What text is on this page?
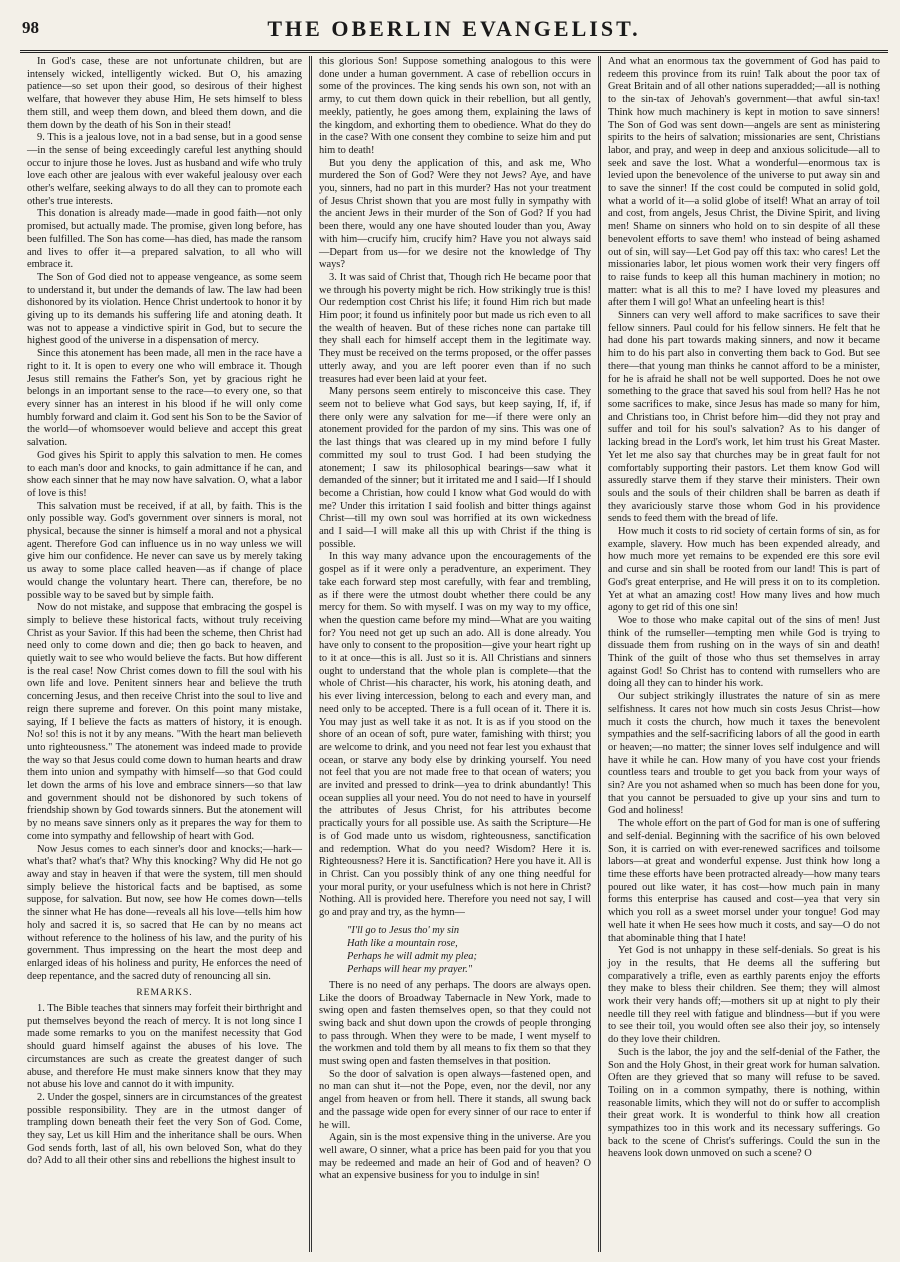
98	THE OBERLIN EVANGELIST.

In God's case, these are not unfortunate children, but are intensely wicked, intelligently wicked. But O, his amazing patience—so set upon their good, so desirous of their highest welfare, that however they abuse Him, He sets himself to bless them still, and weep them down, and bleed them down, and die them down by the death of his Son in their stead!

9. This is a jealous love, not in a bad sense, but in a good sense—in the sense of being exceedingly careful lest anything should occur to injure those he loves. Just as husband and wife who truly love each other are jealous with ever wakeful jealousy over each other's welfare, seeking always to do all they can to promote each other's true interests.

This donation is already made—made in good faith—not only promised, but actually made. The promise, given long before, has been fulfilled. The Son has come—has died, has made the ransom and lives to offer it—a prepared salvation, to all who will embrace it.

The Son of God died not to appease vengeance, as some seem to understand it, but under the demands of law. The law had been dishonored by its violation. Hence Christ undertook to honor it by giving up to its demands his suffering life and atoning death. It was not to appease a vindictive spirit in God, but to secure the highest good of the universe in a dispensation of mercy.

Since this atonement has been made, all men in the race have a right to it. It is open to every one who will embrace it. Though Jesus still remains the Father's Son, yet by gracious right he belongs in an important sense to the race—to every one, so that every sinner has an interest in his blood if he will only come humbly forward and claim it. God sent his Son to be the Savior of the world—of whomsoever would believe and accept this great salvation.

God gives his Spirit to apply this salvation to men. He comes to each man's door and knocks, to gain admittance if he can, and show each sinner that he may now have salvation. O, what a labor of love is this!

This salvation must be received, if at all, by faith. This is the only possible way. God's government over sinners is moral, not physical, because the sinner is himself a moral and not a physical agent. Therefore God can influence us in no way unless we will give him our confidence. He never can save us by merely taking us away to some place called heaven—as if change of place would change the voluntary heart. There can, therefore, be no possible way to be saved but by simple faith.

Now do not mistake, and suppose that embracing the gospel is simply to believe these historical facts, without truly receiving Christ as your Savior. If this had been the scheme, then Christ had need only to come down and die; then go back to heaven, and quietly wait to see who would believe the facts. But how different is the real case! Now Christ comes down to fill the soul with his own life and love. Penitent sinners hear and believe the truth concerning Jesus, and then receive Christ into the soul to live and reign there supreme and forever. On this point many mistake, saying, If I believe the facts as matters of history, it is enough. No! so! this is not it by any means. "With the heart man believeth unto righteousness." The atonement was indeed made to provide the way so that Jesus could come down to human hearts and draw them into union and sympathy with himself—so that God could let down the arms of his love and embrace sinners—so that law and government should not be dishonored by such tokens of friendship shown by God towards sinners. But the atonement will by no means save sinners only as it prepares the way for them to come into sympathy and fellowship of heart with God.

Now Jesus comes to each sinner's door and knocks;—hark—what's that? what's that? Why this knocking? Why did He not go away and stay in heaven if that were the system, till men should simply believe the historical facts and be baptised, as some suppose, for salvation. But now, see how He comes down—tells the sinner what He has done—reveals all his love—tells him how holy and sacred it is, so sacred that He can by no means act without reference to the holiness of his law, and the purity of his government. Thus impressing on the heart the most deep and enlarged ideas of his holiness and purity, He enforces the need of deep repentance, and the sacred duty of renouncing all sin.

REMARKS.

1. The Bible teaches that sinners may forfeit their birthright and put themselves beyond the reach of mercy. It is not long since I made some remarks to you on the manifest necessity that God should guard himself against the abuses of his love. The circumstances are such as create the greatest danger of such abuse, and therefore He must make sinners know that they may not abuse his love and cannot do it with impunity.

2. Under the gospel, sinners are in circumstances of the greatest possible responsibility. They are in the utmost danger of trampling down beneath their feet the very Son of God. Come, they say, Let us kill Him and the inheritance shall be ours. When God sends forth, last of all, his own beloved Son, what do they do? Add to all their other sins and rebellions the highest insult to

this glorious Son! Suppose something analogous to this were done under a human government. A case of rebellion occurs in some of the provinces. The king sends his own son, not with an army, to cut them down quick in their rebellion, but all gently, meekly, patiently, he goes among them, explaining the laws of the kingdom, and exhorting them to obedience. What do they do in the case? With one consent they combine to seize him and put him to death!

But you deny the application of this, and ask me, Who murdered the Son of God? Were they not Jews? Aye, and have you, sinners, had no part in this murder? Has not your treatment of Jesus Christ shown that you are most fully in sympathy with the ancient Jews in their murder of the Son of God? If you had been there, would any one have shouted louder than you, Away with him—crucify him, crucify him? Have you not always said—Depart from us—for we desire not the knowledge of Thy ways?

3. It was said of Christ that, Though rich He became poor that we through his poverty might be rich. How strikingly true is this! Our redemption cost Christ his life; it found Him rich but made Him poor; it found us infinitely poor but made us rich even to all the wealth of heaven. But of these riches none can partake till they shall each for himself accept them in the legitimate way. They must be received on the terms proposed, or the offer passes utterly away, and you are left poorer even than if no such treasures had ever been laid at your feet.

Many persons seem entirely to misconceive this case. They seem not to believe what God says, but keep saying, If, if, if there only were any salvation for me—if there were only an atonement provided for the pardon of my sins. This was one of the last things that was cleared up in my mind before I fully committed my soul to trust God. I had been studying the atonement; I saw its philosophical bearings—saw what it demanded of the sinner; but it irritated me and I said—If I should become a Christian, how could I know what God would do with me? Under this irritation I said foolish and bitter things against Christ—till my own soul was horrified at its own wickedness and I said—I will make all this up with Christ if the thing is possible.

In this way many advance upon the encouragements of the gospel as if it were only a peradventure, an experiment. They take each forward step most carefully, with fear and trembling, as if there were the utmost doubt whether there could be any mercy for them. So with myself. I was on my way to my office, when the question came before my mind—What are you waiting for? You need not get up such an ado. All is done already. You have only to consent to the proposition—give your heart right up to it at once—this is all. Just so it is. All Christians and sinners ought to understand that the whole plan is complete—that the whole of Christ—his character, his work, his atoning death, and his ever living intercession, belong to each and every man, and need only to be accepted. There is a full ocean of it. There it is. You may just as well take it as not. It is as if you stood on the shore of an ocean of soft, pure water, famishing with thirst; you are welcome to drink, and you need not fear lest you exhaust that ocean, or starve any body else by drinking yourself. You need not feel that you are not made free to that ocean of waters; you are invited and pressed to drink—yea to drink abundantly! This ocean supplies all your need. You do not need to have in yourself the attributes of Jesus Christ, for his attributes become practically yours for all possible use. As saith the Scripture—He is of God made unto us wisdom, righteousness, sanctification and redemption. What do you need? Wisdom? Here it is. Righteousness? Here it is. Sanctification? Here you have it. All is in Christ. Can you possibly think of any one thing needful for your moral purity, or your usefulness which is not here in Christ? Nothing. All is provided here. Therefore you need not say, I will go and pray and try, as the hymn—

"I'll go to Jesus tho' my sin
Hath like a mountain rose,
Perhaps he will admit my plea;
Perhaps will hear my prayer."

There is no need of any perhaps. The doors are always open. Like the doors of Broadway Tabernacle in New York, made to swing open and fasten themselves open, so that they could not swing back and shut down upon the crowds of people thronging to pass through. When they were to be made, I went myself to the workmen and told them by all means to fix them so that they must swing open and fasten themselves in that position.

So the door of salvation is open always—fastened open, and no man can shut it—not the Pope, even, nor the devil, nor any angel from heaven or from hell. There it stands, all swung back and the passage wide open for every sinner of our race to enter if he will.

Again, sin is the most expensive thing in the universe. Are you well aware, O sinner, what a price has been paid for you that you may be redeemed and made an heir of God and of heaven? O what an expensive business for you to indulge in sin!

And what an enormous tax the government of God has paid to redeem this province from its ruin! Talk about the poor tax of Great Britain and of all other nations superadded;—all is nothing to the sin-tax of Jehovah's government—that awful sin-tax! Think how much machinery is kept in motion to save sinners! The Son of God was sent down—angels are sent as ministering spirits to the heirs of salvation; missionaries are sent, Christians labor, and pray, and weep in deep and anxious solicitude—all to seek and save the lost. What a wonderful—enormous tax is levied upon the benevolence of the universe to put away sin and to save the sinner! If the cost could be computed in solid gold, what a world of it—a solid globe of itself! What an array of toil and cost, from angels, Jesus Christ, the Divine Spirit, and living men! Shame on sinners who hold on to sin despite of all these benevolent efforts to save them! who instead of being ashamed out of sin, will say—Let God pay off this tax: who cares! Let the missionaries labor, let pious women work their very fingers off to raise funds to keep all this human machinery in motion; no matter: what is all this to me? I have loved my pleasures and after them I will go! What an unfeeling heart is this!

Sinners can very well afford to make sacrifices to save their fellow sinners. Paul could for his fellow sinners. He felt that he had done his part towards making sinners, and now it became him to do his part also in converting them back to God. But see there—that young man thinks he cannot afford to be a minister, for he is afraid he shall not be well supported. Does he not owe something to the grace that saved his soul from hell? Has he not some sacrifices to make, since Jesus has made so many for him, and Christians too, in Christ before him—did they not pray and suffer and toil for his soul's salvation? As to his danger of lacking bread in the Lord's work, let him trust his Great Master. Yet let me also say that churches may be in great fault for not comfortably supporting their pastors. Let them know God will assuredly starve them if they starve their ministers. Their own souls and the souls of their children shall be barren as death if they avariciously starve those whom God in his providence sends to feed them with the bread of life.

How much it costs to rid society of certain forms of sin, as for example, slavery. How much has been expended already, and how much more yet remains to be expended ere this sore evil and curse and sin shall be rooted from our land! This is part of God's great enterprise, and He will press it on to its completion. Yet at what an amazing cost! How many lives and how much agony to get rid of this one sin!

Woe to those who make capital out of the sins of men! Just think of the rumseller—tempting men while God is trying to dissuade them from rushing on in the ways of sin and death! Think of the guilt of those who thus set themselves in array against God! So Christ has to contend with rumsellers who are doing all they can to hinder his work.

Our subject strikingly illustrates the nature of sin as mere selfishness. It cares not how much sin costs Jesus Christ—how much it costs the church, how much it taxes the benevolent sympathies and the self-sacrificing labors of all the good in earth or heaven;—no matter; the sinner loves self indulgence and will have it while he can. How many of you have cost your friends countless tears and trouble to get you back from your ways of sin? Are you not ashamed when so much has been done for you, that you cannot be persuaded to give up your sins and turn to God and holiness!

The whole effort on the part of God for man is one of suffering and self-denial. Beginning with the sacrifice of his own beloved Son, it is carried on with ever-renewed sacrifices and toilsome labors—at great and wonderful expense. Just think how long a time these efforts have been protracted already—how many tears poured out like water, it has cost—how much pain in many forms this enterprise has caused and cost—yea that very sin which you roll as a sweet morsel under your tongue! God may well hate it when He sees how much it costs, and say—O do not that abominable thing that I hate!

Yet God is not unhappy in these self-denials. So great is his joy in the results, that He deems all the suffering but comparatively a trifle, even as earthly parents enjoy the efforts they make to bless their children. See them; they will almost work their very hands off;—mothers sit up at night to ply their needle till they reel with fatigue and blindness—but if you were to see their toil, you would often see also their joy, so intensely do they love their children.

Such is the labor, the joy and the self-denial of the Father, the Son and the Holy Ghost, in their great work for human salvation. Often are they grieved that so many will refuse to be saved. Toiling on in a common sympathy, there is nothing, within reasonable limits, which they will not do or suffer to accomplish their great work. It is wonderful to think how all creation sympathizes too in this work and its necessary sufferings. Go back to the scene of Christ's sufferings. Could the sun in the heavens look down unmoved on such a scene? O
